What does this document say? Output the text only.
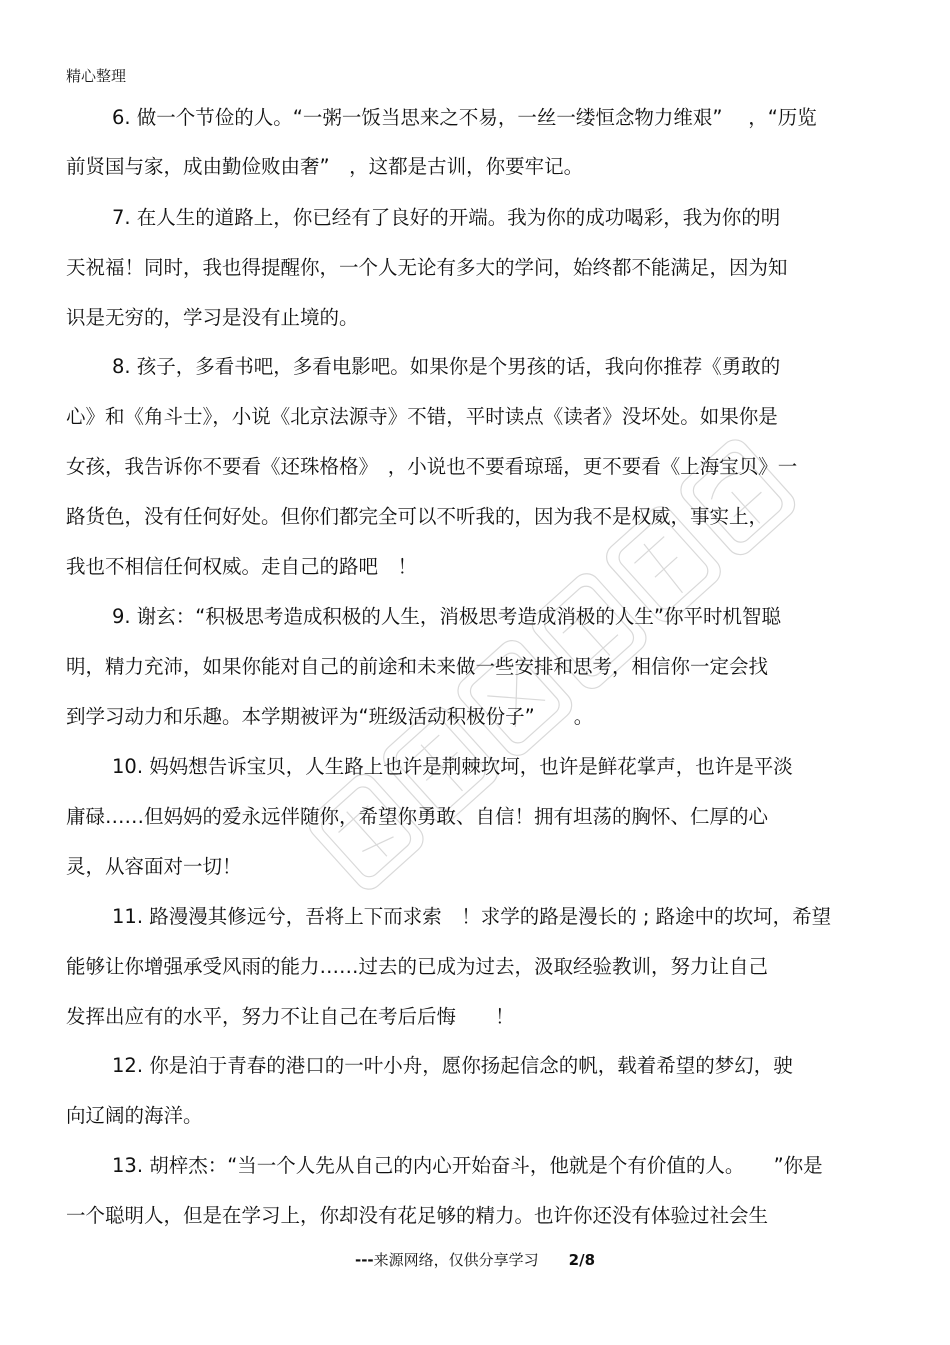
精心整理
6. 做一个节俭的人。“一粥一饭当思来之不易，一丝一缕恒念物力维艰”　 ，“历览
前贤国与家，成由勤俭败由奢”　，这都是古训，你要牢记。
7. 在人生的道路上，你已经有了良好的开端。我为你的成功喝彩，我为你的明
天祝福！同时，我也得提醒你，一个人无论有多大的学问，始终都不能满足，因为知
识是无穷的，学习是没有止境的。
8. 孩子，多看书吧，多看电影吧。如果你是个男孩的话，我向你推荐《勇敢的
心》和《角斗士》，小说《北京法源寺》不错，平时读点《读者》没坏处。如果你是
女孩，我告诉你不要看《还珠格格》　，小说也不要看琼瑶，更不要看《上海宝贝》一
路货色，没有任何好处。但你们都完全可以不听我的，因为我不是权威，事实上，
我也不相信任何权威。走自己的路吧　！
9. 谢玄：“积极思考造成积极的人生，消极思考造成消极的人生”你平时机智聪
明，精力充沛，如果你能对自己的前途和未来做一些安排和思考，相信你一定会找
到学习动力和乐趣。本学期被评为“班级活动积极份子”　　。
10. 妈妈想告诉宝贝，人生路上也许是荆棘坎坷，也许是鲜花掌声，也许是平淡
庸碌……但妈妈的爱永远伴随你，希望你勇敢、自信！拥有坦荡的胸怀、仁厚的心
灵，从容面对一切！
11. 路漫漫其修远兮，吾将上下而求索　！求学的路是漫长的 ; 路途中的坎坷，希望
能够让你增强承受风雨的能力……过去的已成为过去，汲取经验教训，努力让自己
发挥出应有的水平，努力不让自己在考后后悔　　！
12. 你是泊于青春的港口的一叶小舟，愿你扬起信念的帆，载着希望的梦幻，驶
向辽阔的海洋。
13. 胡梓杰：“当一个人先从自己的内心开始奋斗，他就是个有价值的人。　　”你是
一个聪明人，但是在学习上，你却没有花足够的精力。也许你还没有体验过社会生
---来源网络，仅供分享学习 2/8
